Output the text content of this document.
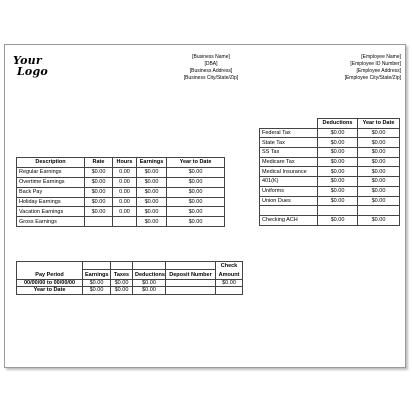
Your
Logo
[Business Name]
[DBA]
[Business Address]
[Business City/State/Zip]
[Employee Name]
[Employee ID Number]
[Employee Address]
[Employee City/State/Zip]
	Deductions	Year to Date
Federal Tax	$0.00	$0.00
State Tax	$0.00	$0.00
SS Tax	$0.00	$0.00
Medicare Tax	$0.00	$0.00
Medical Insurance	$0.00	$0.00
401(K)	$0.00	$0.00
Uniforms	$0.00	$0.00
Union Dues	$0.00	$0.00

Checking ACH	$0.00	$0.00
Description	Rate	Hours	Earnings	Year to Date
Regular Earnings	$0.00	0.00	$0.00	$0.00
Overtime Earnings	$0.00	0.00	$0.00	$0.00
Back Pay	$0.00	0.00	$0.00	$0.00
Holiday Earnings	$0.00	0.00	$0.00	$0.00
Vacation Earnings	$0.00	0.00	$0.00	$0.00
Gross Earnings			$0.00	$0.00
					Check
Pay Period	Earnings	Taxes	Deductions	Deposit Number	Amount
00/00/00 to 00/00/00	$0.00	$0.00	$0.00		$0.00
Year to Date	$0.00	$0.00	$0.00		
